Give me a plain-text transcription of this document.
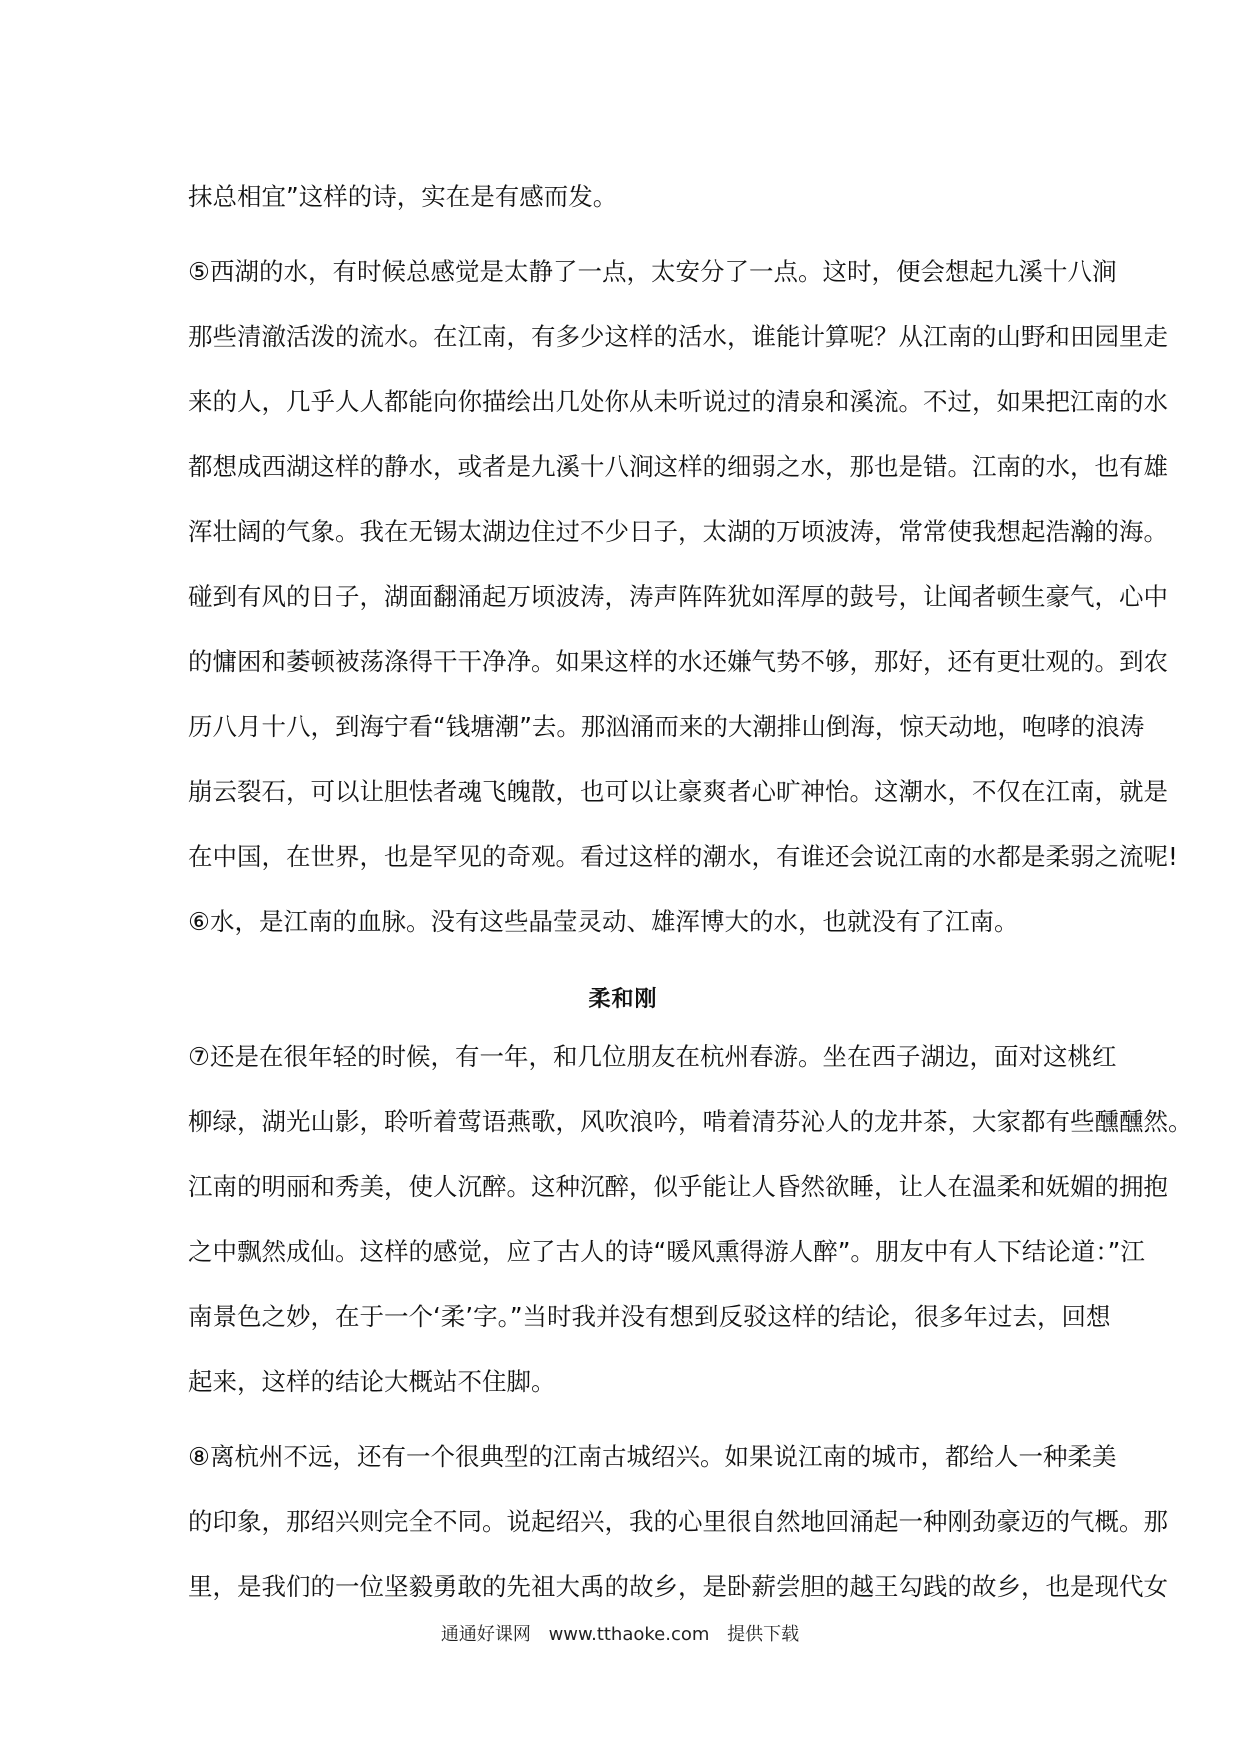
抹总相宜”这样的诗，实在是有感而发。
⑤西湖的水，有时候总感觉是太静了一点，太安分了一点。这时，便会想起九溪十八涧
那些清澈活泼的流水。在江南，有多少这样的活水，谁能计算呢？从江南的山野和田园里走
来的人，几乎人人都能向你描绘出几处你从未听说过的清泉和溪流。不过，如果把江南的水
都想成西湖这样的静水，或者是九溪十八涧这样的细弱之水，那也是错。江南的水，也有雄
浑壮阔的气象。我在无锡太湖边住过不少日子，太湖的万顷波涛，常常使我想起浩瀚的海。
碰到有风的日子，湖面翻涌起万顷波涛，涛声阵阵犹如浑厚的鼓号，让闻者顿生豪气，心中
的慵困和萎顿被荡涤得干干净净。如果这样的水还嫌气势不够，那好，还有更壮观的。到农
历八月十八，到海宁看“钱塘潮”去。那汹涌而来的大潮排山倒海，惊天动地，咆哮的浪涛
崩云裂石，可以让胆怯者魂飞魄散，也可以让豪爽者心旷神怡。这潮水，不仅在江南，就是
在中国，在世界，也是罕见的奇观。看过这样的潮水，有谁还会说江南的水都是柔弱之流呢!
⑥水，是江南的血脉。没有这些晶莹灵动、雄浑博大的水，也就没有了江南。
柔和刚
⑦还是在很年轻的时候，有一年，和几位朋友在杭州春游。坐在西子湖边，面对这桃红
柳绿，湖光山影，聆听着莺语燕歌，风吹浪吟，啃着清芬沁人的龙井茶，大家都有些醺醺然。
江南的明丽和秀美，使人沉醉。这种沉醉，似乎能让人昏然欲睡，让人在温柔和妩媚的拥抱
之中飘然成仙。这样的感觉，应了古人的诗“暖风熏得游人醉”。朋友中有人下结论道：”江
南景色之妙，在于一个‘柔’字。”当时我并没有想到反驳这样的结论，很多年过去，回想
起来，这样的结论大概站不住脚。
⑧离杭州不远，还有一个很典型的江南古城绍兴。如果说江南的城市，都给人一种柔美
的印象，那绍兴则完全不同。说起绍兴，我的心里很自然地回涌起一种刚劲豪迈的气概。那
里，是我们的一位坚毅勇敢的先祖大禹的故乡，是卧薪尝胆的越王勾践的故乡，也是现代女
通通好课网 www.tthaoke.com 提供下载
